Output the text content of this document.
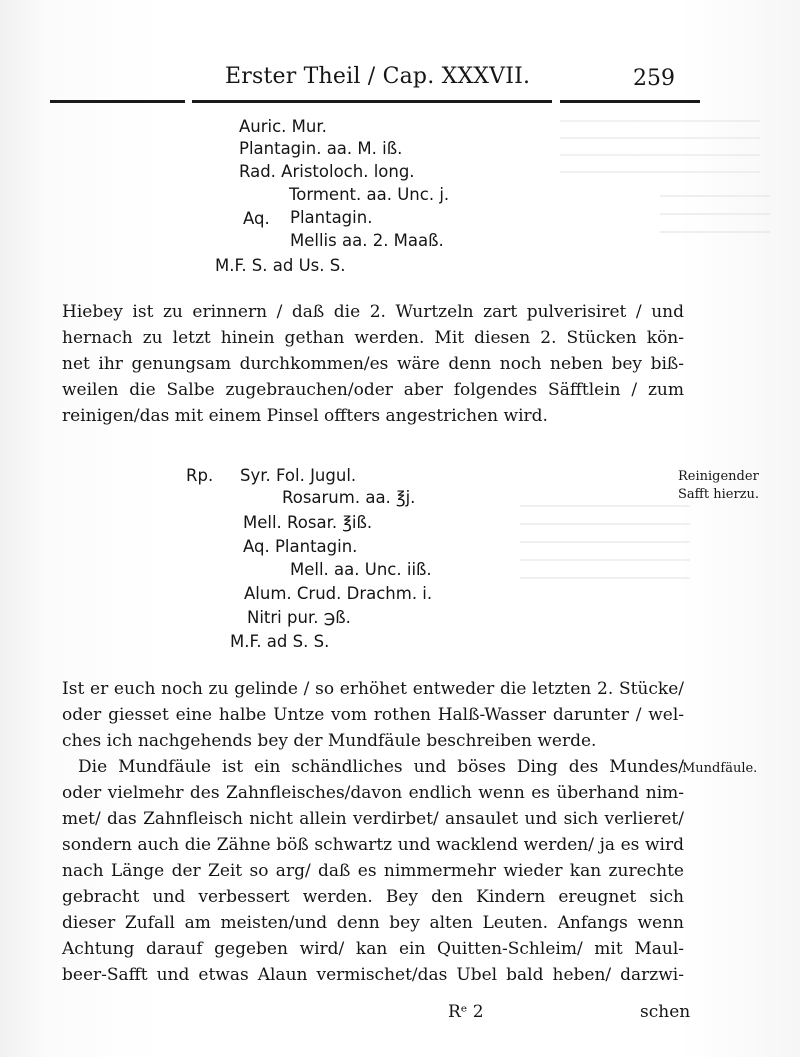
Erster Theil / Cap. XXXVII.	259
Auric. Mur.
Plantagin. aa. M. iß.
Rad. Aristoloch. long.
Torment. aa. Unc. j.
Aq. Plantagin.
Mellis aa. 2. Maaß.
M.F. S. ad Us. S.
Hiebey ist zu erinnern / daß die 2. Wurtzeln zart pulverisiret / und
hernach zu letzt hinein gethan werden. Mit diesen 2. Stücken kön-
net ihr genungsam durchkommen/es wäre denn noch neben bey biß-
weilen die Salbe zugebrauchen/oder aber folgendes Säfftlein / zum
reinigen/das mit einem Pinsel offters angestrichen wird.
Rp. Syr. Fol. Jugul.
Rosarum. aa. ℥j.
Mell. Rosar. ℥iß.
Aq. Plantagin.
Mell. aa. Unc. iiß.
Alum. Crud. Drachm. i.
Nitri pur. ℈ß.
M.F. ad S. S.
Reinigender
Safft hierzu.
Mundfäule.
Ist er euch noch zu gelinde / so erhöhet entweder die letzten 2. Stücke/
oder giesset eine halbe Untze vom rothen Halß-Wasser darunter / wel-
ches ich nachgehends bey der Mundfäule beschreiben werde.
Die Mundfäule ist ein schändliches und böses Ding des Mundes/
oder vielmehr des Zahnfleisches/davon endlich wenn es überhand nim-
met/ das Zahnfleisch nicht allein verdirbet/ ansaulet und sich verlieret/
sondern auch die Zähne böß schwartz und wacklend werden/ ja es wird
nach Länge der Zeit so arg/ daß es nimmermehr wieder kan zurechte
gebracht und verbessert werden. Bey den Kindern ereugnet sich
dieser Zufall am meisten/und denn bey alten Leuten. Anfangs wenn
Achtung darauf gegeben wird/ kan ein Quitten-Schleim/ mit Maul-
beer-Safft und etwas Alaun vermischet/das Ubel bald heben/ darzwi-
Rᵉ 2	schen
